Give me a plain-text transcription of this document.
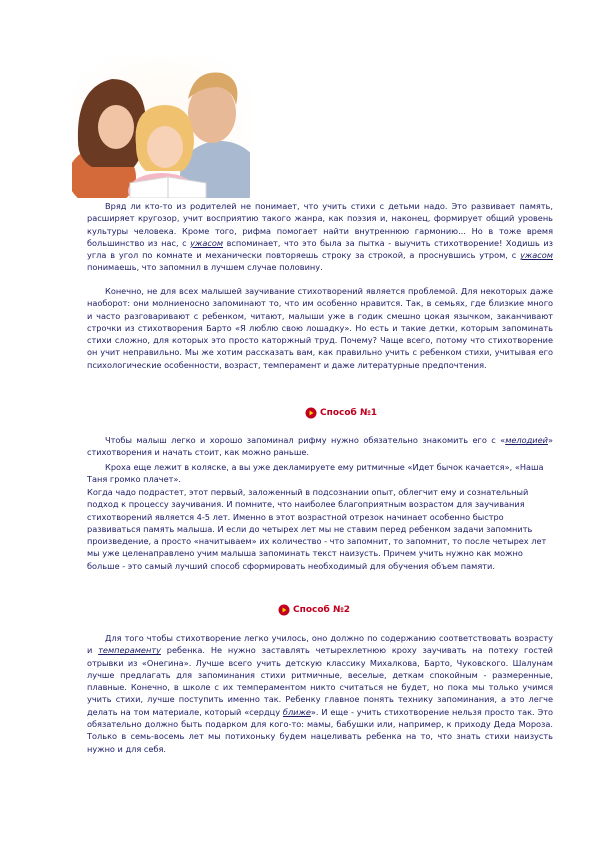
Вряд ли кто-то из родителей не понимает, что учить стихи с детьми надо. Это развивает память, расширяет кругозор, учит восприятию такого жанра, как поэзия и, наконец, формирует общий уровень культуры человека. Кроме того, рифма помогает найти внутреннюю гармонию... Но в тоже время большинство из нас, с ужасом вспоминает, что это была за пытка - выучить стихотворение! Ходишь из угла в угол по комнате и механически повторяешь строку за строкой, а проснувшись утром, с ужасом понимаешь, что запомнил в лучшем случае половину.

Конечно, не для всех малышей заучивание стихотворений является проблемой. Для некоторых даже наоборот: они молниеносно запоминают то, что им особенно нравится. Так, в семьях, где близкие много и часто разговаривают с ребенком, читают, малыши уже в годик смешно цокая язычком, заканчивают строчки из стихотворения Барто «Я люблю свою лошадку». Но есть и такие детки, которым запоминать стихи сложно, для которых это просто каторжный труд. Почему? Чаще всего, потому что стихотворение он учит неправильно. Мы же хотим рассказать вам, как правильно учить с ребенком стихи, учитывая его психологические особенности, возраст, темперамент и даже литературные предпочтения.

Способ №1

Чтобы малыш легко и хорошо запоминал рифму нужно обязательно знакомить его с «мелодией» стихотворения и начать стоит, как можно раньше.

Кроха еще лежит в коляске, а вы уже декламируете ему ритмичные «Идет бычок качается», «Наша Таня громко плачет».

Когда чадо подрастет, этот первый, заложенный в подсознании опыт, облегчит ему и сознательный подход к процессу заучивания. И помните, что наиболее благоприятным возрастом для заучивания стихотворений является 4-5 лет. Именно в этот возрастной отрезок начинает особенно быстро развиваться память малыша. И если до четырех лет мы не ставим перед ребенком задачи запомнить произведение, а просто «начитываем» их количество - что запомнит, то запомнит, то после четырех лет мы уже целенаправлено учим малыша запоминать текст наизусть. Причем учить нужно как можно больше - это самый лучший способ сформировать необходимый для обучения объем памяти.

Способ №2

Для того чтобы стихотворение легко училось, оно должно по содержанию соответствовать возрасту и темпераменту ребенка. Не нужно заставлять четырехлетнюю кроху заучивать на потеху гостей отрывки из «Онегина». Лучше всего учить детскую классику Михалкова, Барто, Чуковского. Шалунам лучше предлагать для запоминания стихи ритмичные, веселые, деткам спокойным - размеренные, плавные. Конечно, в школе с их темпераментом никто считаться не будет, но пока мы только учимся учить стихи, лучше поступить именно так. Ребенку главное понять технику запоминания, а это легче делать на том материале, который «сердцу ближе». И еще - учить стихотворение нельзя просто так. Это обязательно должно быть подарком для кого-то: мамы, бабушки или, например, к приходу Деда Мороза. Только в семь-восемь лет мы потихоньку будем нацеливать ребенка на то, что знать стихи наизусть нужно и для себя.
